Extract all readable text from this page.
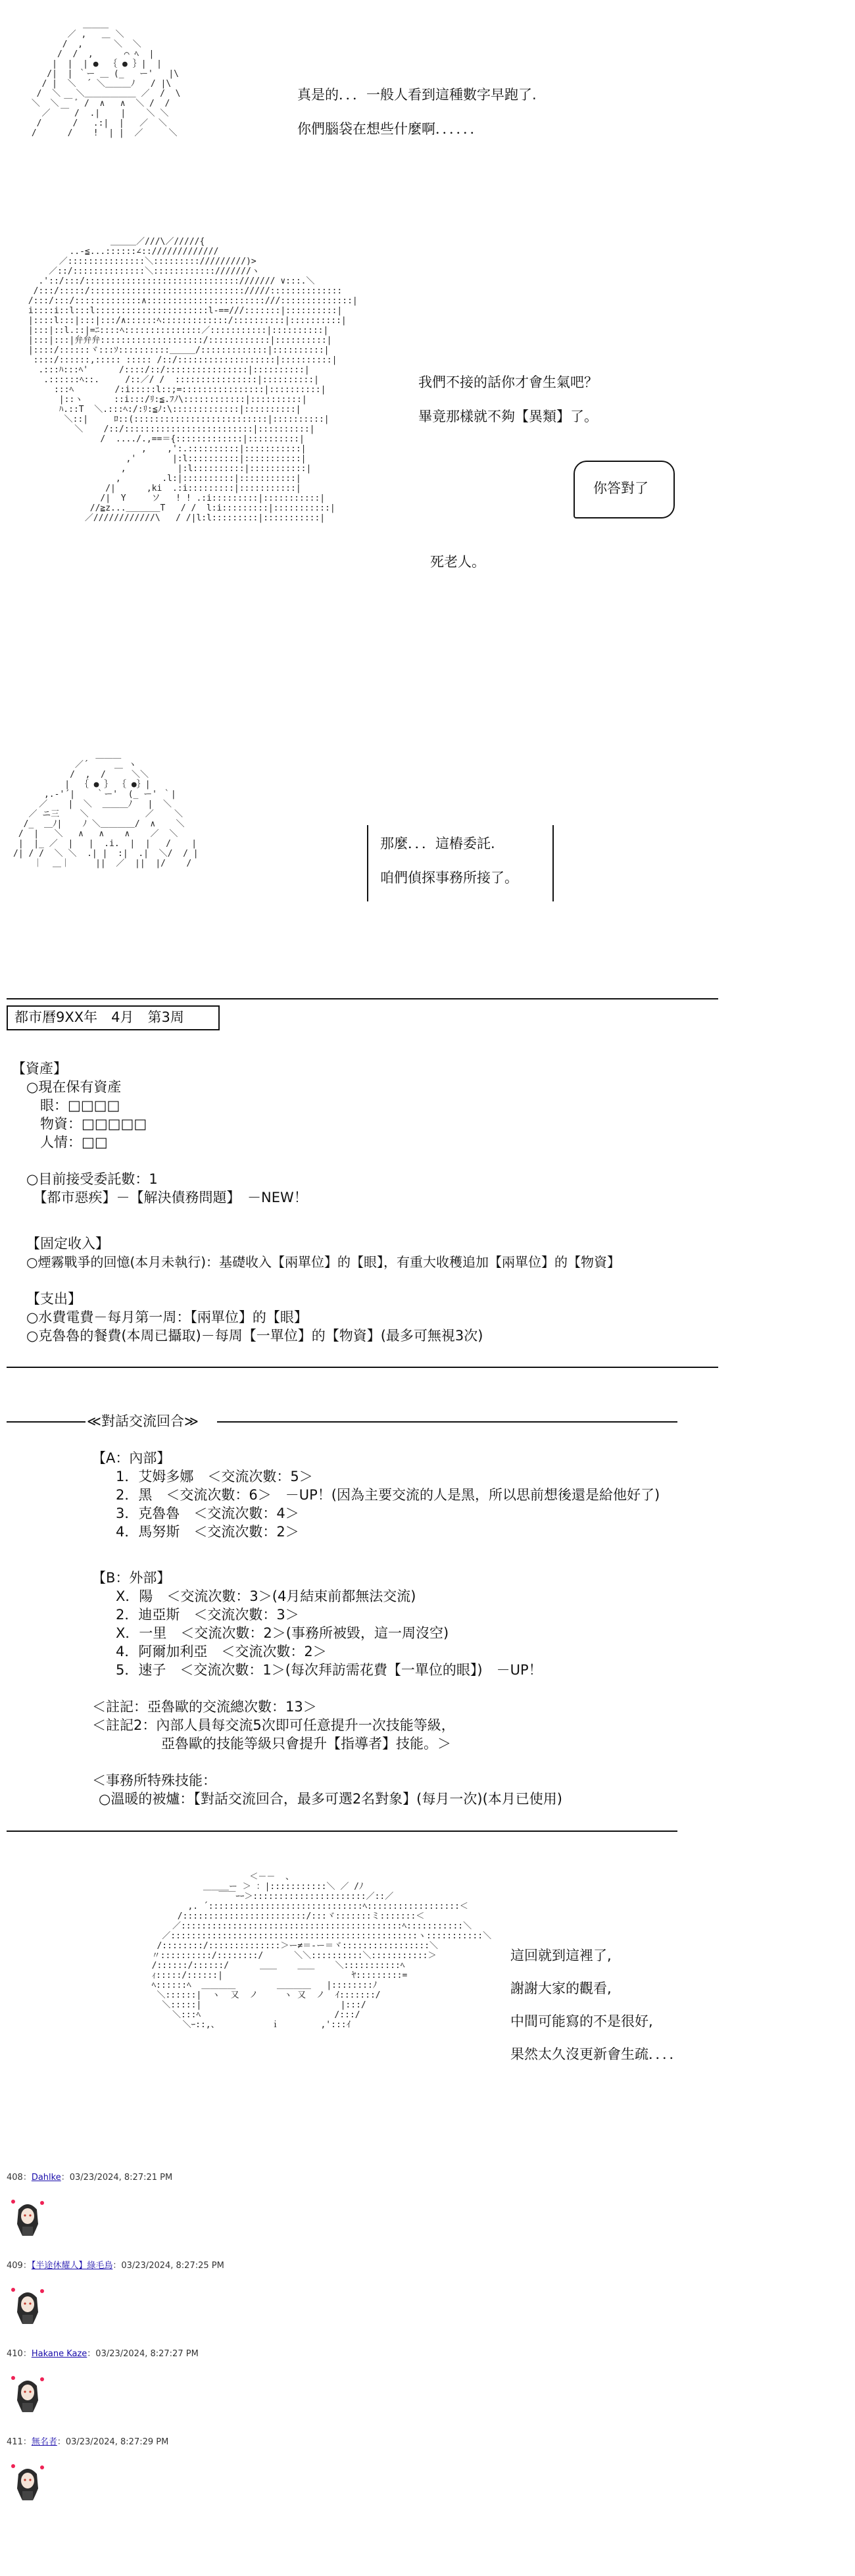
＿＿＿
／ ,   ＿ ＼
/  ,      ＼  ＼
/  /  ,      ⌒ ﾍ  |
|  |  | ●  ｛ ● ｝|  |
/|  | ｀ー ＿ (_   ー'   |\
/ |  ＼  ´ ＼＿＿＿ﾉ   / |\
/  ＼   ＼＿＿＿＿＿＿ ／  /  \
＼  ＼ ￣ ﾞ /  ∧   ∧  ＼ /  /
／  ￣ /  .|    |    ＼ ＼
/      /   .:|  |   ／  ＼
/      /    !  | |  ／     ＼
真是的．．．一般人看到這種數字早跑了.
你們腦袋在想些什麼啊．．．．．．
＿＿＿／///\／/////{
..-≦...::::::∠:://///////////
／:::::::::::::::＼::::::::://///////)>
／::/::::::::::::::＼::::::::::::///////ヽ
.'::/:::/:::::::::::::::::::::::::::::://///// ∨:::.＼
/:::/:::::/:::::::::::::::::::::::::::::://///::::::::::::::
/:::/:::/:::::::::::::∧:::::::::::::::::::::::///::::::::::::::|
i::::i::l:::l::::::::::::::::::::::l-==///:::::::|::::::::::|
|::::l:::|:::|:::/∧::::::ﾍ:::::::::::::/::::::::::|::::::::::|
|:::|::l.::|=ﾆ::::ﾍ:::::::::::::::／:::::::::::|::::::::::|
|:::|:::|弁弁弁::::::::::::::::::::/::::::::::::|::::::::::|
|::::/::::::ヾ:::ｿ::::::::::＿＿＿/:::::::::::::|::::::::::|
::::/::::::,::::: ::::: /::/:::::::::::::::::::|::::::::::|
.:::ﾊ:::ﾍ'      /::::/::/::::::::::::::::|::::::::::|
.::::::ﾍ::.     /::／/ /  ::::::::::::::::|::::::::::|
:::ﾍ        /:i:::::l::;=::::::::::::::::|::::::::::|
|::ヽ      ::i:::/ﾘ:≦.ﾌﾉ\::::::::::::|::::::::::|
ﾊ.::T  ＼.:::ﾍ:/:ﾘ:≦ﾉ:\:::::::::::::|::::::::::|
＼::|     ﾛ::(::::::::::::::::::::::::::|::::::::::|
＼    /::/:::::::::::::::::::::::::|::::::::::|
/  ..../.,==＝{:::::::::::::|::::::::::|
,    ,':.::::::::::|:::::::::::|
,'       |:l::::::::::|:::::::::::|
,          |:l::::::::::|:::::::::::|
,        .l:|::::::::::|:::::::::::|
/|      ,ki  .:i:::::::::|:::::::::::|
/|  Y     ソ   ! ! .:i:::::::::|:::::::::::|
//≧z...＿＿＿＿T   / /  l:i:::::::::|:::::::::::|
／////////////\   / /|l:l:::::::::|:::::::::::|
我們不接的話你才會生氣吧？
畢竟那樣就不夠【異類】了。
你答對了
死老人。
＿＿＿
／´     ＿ ヽ
/  ,  /     ＼＼
|  ｛ ● ｝ ｛ ●｝|
,.-'´|    ｀ー'  (_ ー' ｀|
／    |  ＼  ＿＿＿ﾉ   |  ＼
／ ニ三    ＼           ／    ＼
/_  ＿ﾉ|    ﾉ ＼＿＿＿＿/  ∧    ＼
/  |   ＼   ∧   ∧    ∧    ／  ＼
|  |_ ／  |   |  .i.  |  |   /    |
/| / /  ＼ ＼  .| |  :|  .|  ＼/  / |
｜  ＿｜     ||  ／  ||  |/    /
那麼．．．這樁委託.
咱們偵探事務所接了。
都市曆9XX年　4月　第3周
【資產】
○現在保有資產
　眼：□□□□
　物資：□□□□□
　人情：□□
○目前接受委託數：1
　【都市惡疾】－【解決債務問題】　－NEW！
【固定收入】
○煙霧戰爭的回憶(本月未執行)：基礎收入【兩單位】的【眼】，有重大收穫追加【兩單位】的【物資】
【支出】
○水費電費－每月第一周：【兩單位】的【眼】
○克魯魯的餐費(本周已攝取)－每周【一單位】的【物資】(最多可無視3次)
≪對話交流回合≫
【A：內部】
1．艾姆多娜　＜交流次數：5＞
2．黑　＜交流次數：6＞　－UP！(因為主要交流的人是黑，所以思前想後還是給他好了)
3．克魯魯　＜交流次數：4＞
4．馬努斯　＜交流次數：2＞
【B：外部】
X．陽　＜交流次數：3＞(4月結束前都無法交流)
2．迪亞斯　＜交流次數：3＞
X．一里　＜交流次數：2＞(事務所被毀，這一周沒空)
4．阿爾加利亞　＜交流次數：2＞
5．速子　＜交流次數：1＞(每次拜訪需花費【一單位的眼】)　－UP！
＜註記：亞魯歐的交流總次數：13＞
＜註記2：內部人員每交流5次即可任意提升一次技能等級，
　　　　　亞魯歐的技能等級只會提升【指導者】技能。＞
＜事務所特殊技能：
○溫暖的被爐：【對話交流回合，最多可選2名對象】(每月一次)(本月已使用)
＜－－  、
＿＿＿ー ＞ ：|:::::::::::＼ ／ /ﾉ
￣￣ｰｰ＞::::::::::::::::::::::／::／
,. ´::::::::::::::::::::::::::::::ﾍ::::::::::::::::::＜
/::::::::::::::::::::::::/:::ヾ:::::::ミ:::::::＜
／:::::::::::::::::::::::::::::::::::::::::::ﾍ:::::::::::＼
／::::::::::::::::::::::::::::::::::::::::::::::::ヽ:::::::::::＼
/::::::::/::::::::::::::＞ー≠＝-ー＝ヾ:::::::::::::::::＼
〃::::::::::/::::::::/      ＼＼::::::::::＼:::::::::::＞
/::::::/::::::/      ＿＿    ＿＿    ＼:::::::::::ﾍ
ｨ:::::/::::::|                         ﾔ:::::::::=
ﾍ::::::ﾍ  ＿＿＿＿        ＿＿＿＿   |::::::::ﾉ
＼::::::|  ヽ  又  ノ     ヽ 又  ノ  ｲ:::::::/
＼:::::|                           |:::/
＼:::ﾍ                          /:::/
＼ｰ::,、          ｉ        ,':::ｲ
這回就到這裡了,
謝謝大家的觀看,
中間可能寫的不是很好,
果然太久沒更新會生疏．．．．
408：Dahlke：03/23/2024, 8:27:21 PM
409：【半途休耀人】綠毛鳥：03/23/2024, 8:27:25 PM
410：Hakane Kaze：03/23/2024, 8:27:27 PM
411：無名者：03/23/2024, 8:27:29 PM
